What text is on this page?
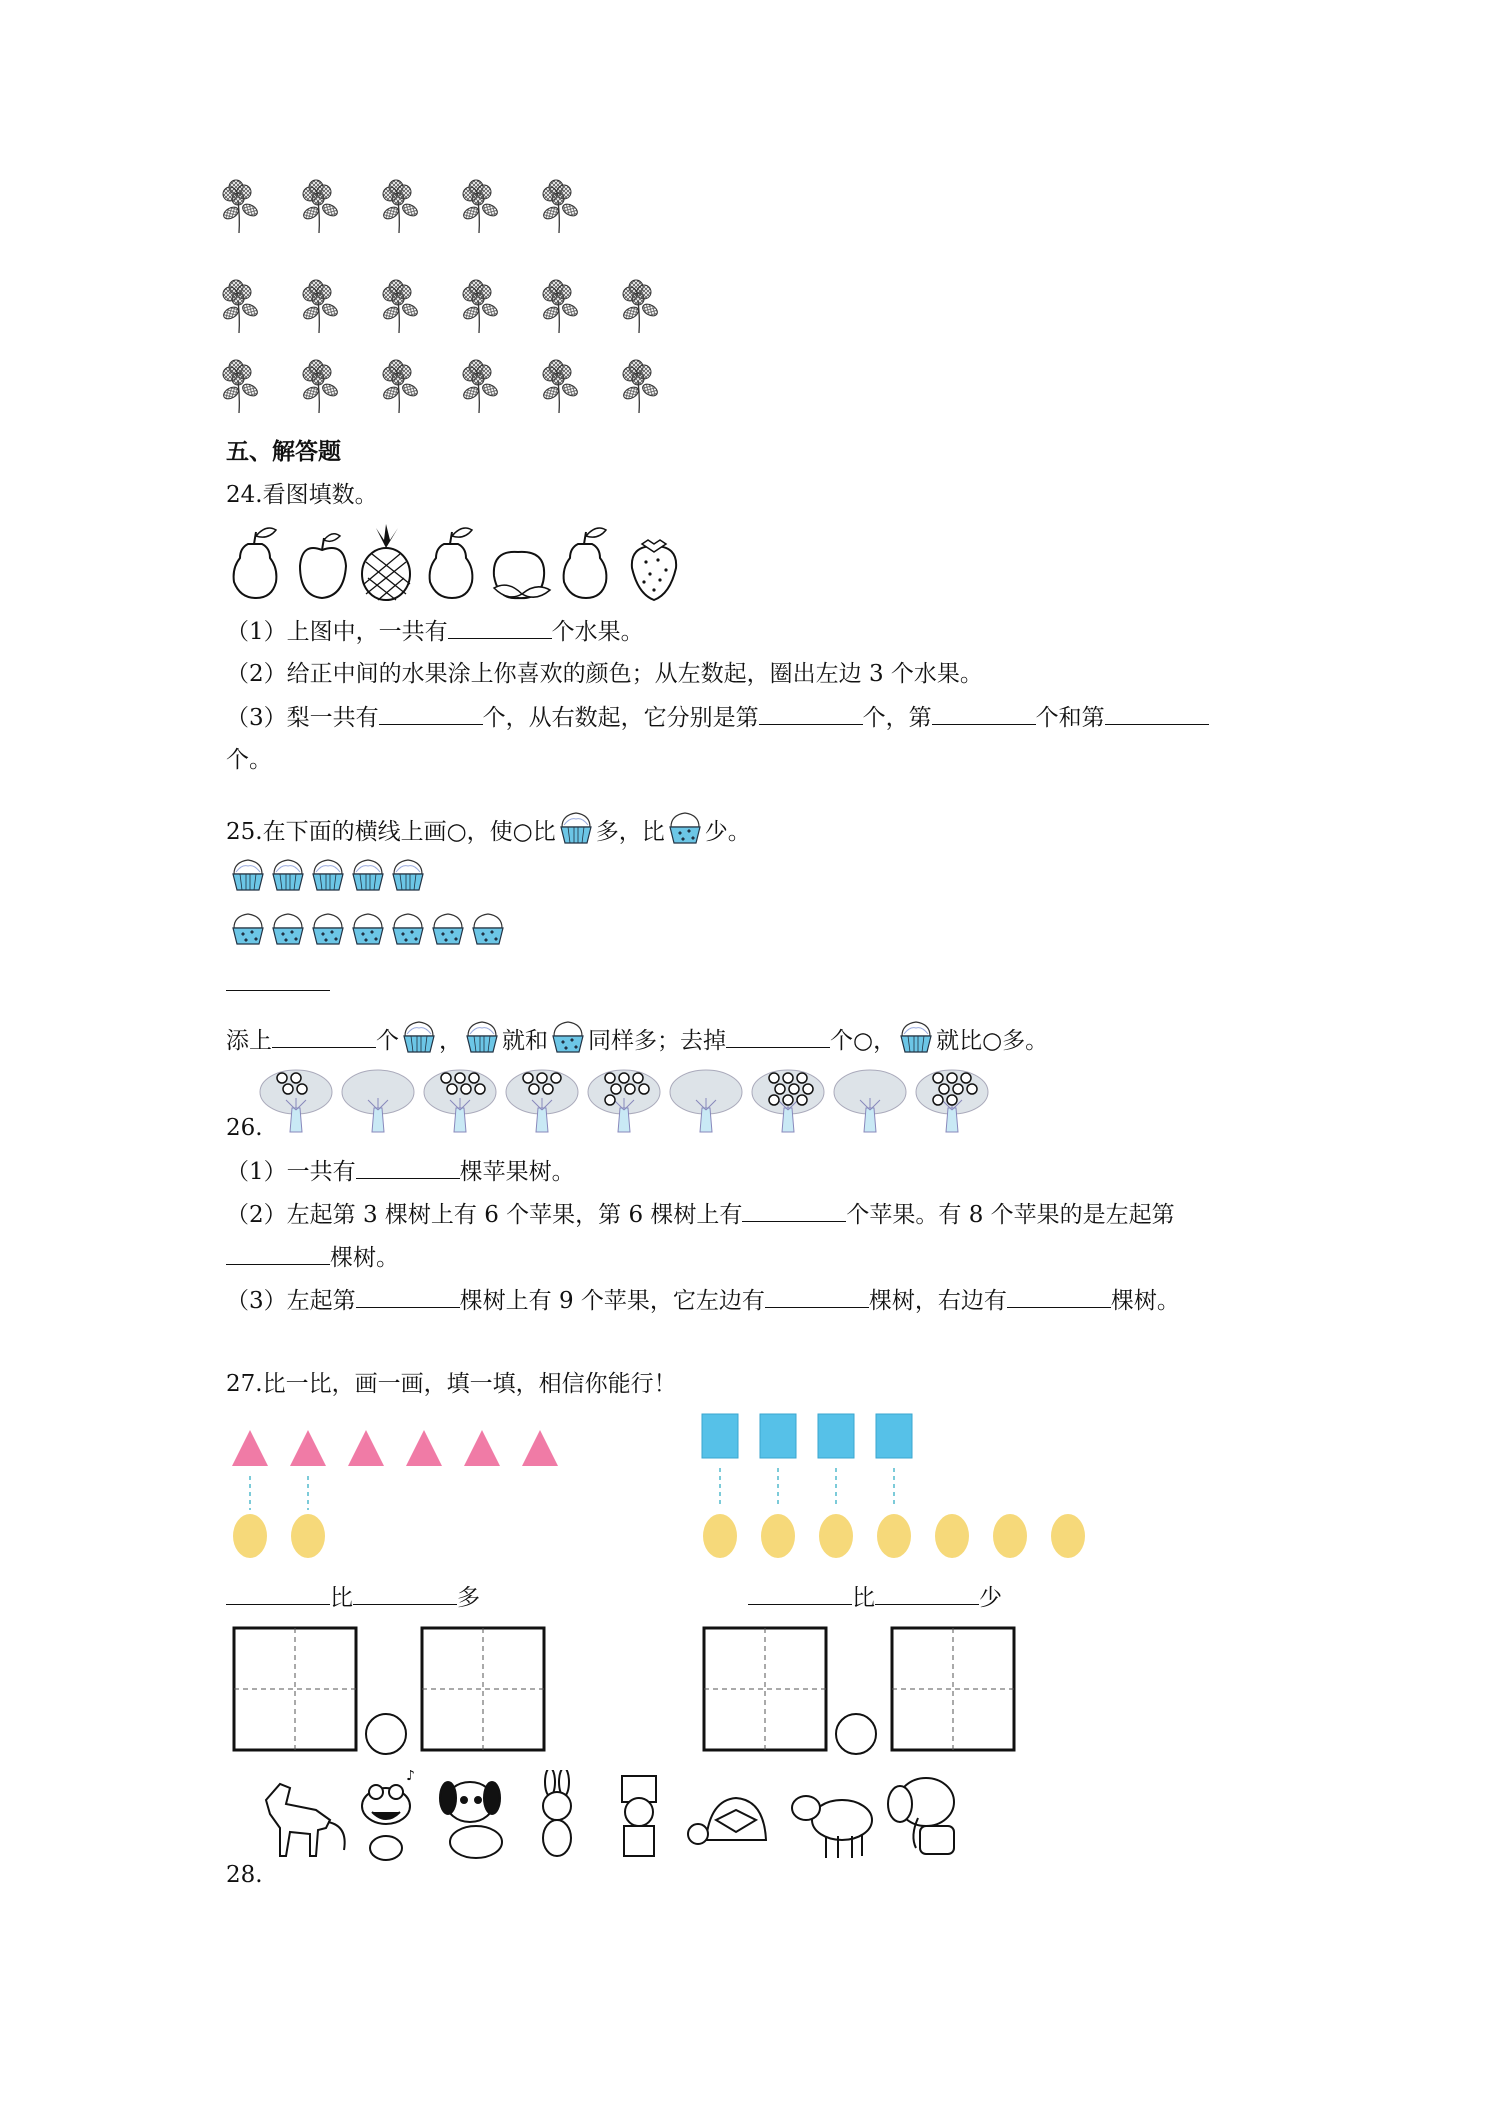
五、解答题
24.看图填数。
（1）上图中，一共有	个水果。
（2）给正中间的水果涂上你喜欢的颜色；从左数起，圈出左边 3 个水果。
（3）梨一共有	个，从右数起，它分别是第	个，第	个和第
个。
25.在下面的横线上画○，使○比 多，比 少。
添上	个 ， 就和 同样多；去掉	个○， 就比○多。
26.
（1）一共有	棵苹果树。
（2）左起第 3 棵树上有 6 个苹果，第 6 棵树上有	个苹果。有 8 个苹果的是左起第
棵树。
（3）左起第	棵树上有 9 个苹果，它左边有	棵树，右边有	棵树。
27.比一比，画一画，填一填，相信你能行！
比	多	比	少
♪
28.
